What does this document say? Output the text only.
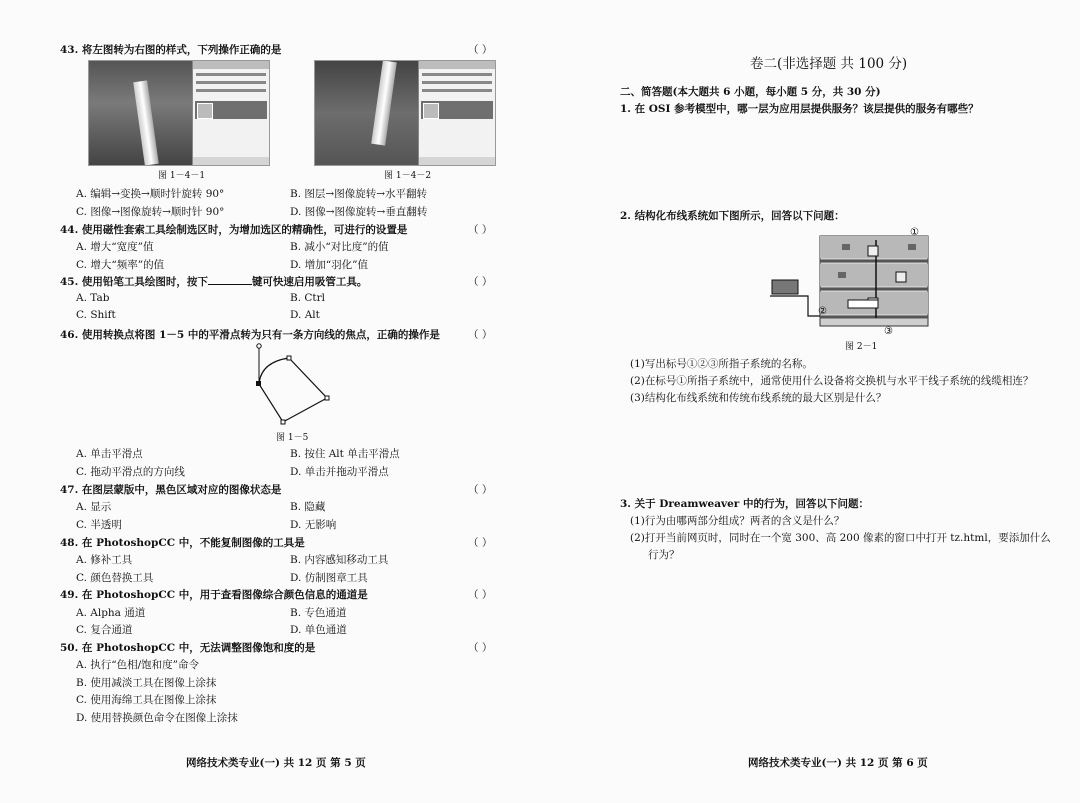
43. 将左图转为右图的样式，下列操作正确的是	（ ）
图 1－4－1	图 1－4－2
A. 编辑→变换→顺时针旋转 90°	B. 图层→图像旋转→水平翻转
C. 图像→图像旋转→顺时针 90°	D. 图像→图像旋转→垂直翻转
44. 使用磁性套索工具绘制选区时，为增加选区的精确性，可进行的设置是	（ ）
A. 增大“宽度”值	B. 减小“对比度”的值
C. 增大“频率”的值	D. 增加“羽化”值
45. 使用铅笔工具绘图时，按下	键可快速启用吸管工具。	（ ）
A. Tab	B. Ctrl
C. Shift	D. Alt
46. 使用转换点将图 1－5 中的平滑点转为只有一条方向线的焦点，正确的操作是	（ ）
图 1－5
A. 单击平滑点	B. 按住 Alt 单击平滑点
C. 拖动平滑点的方向线	D. 单击并拖动平滑点
47. 在图层蒙版中，黑色区域对应的图像状态是	（ ）
A. 显示	B. 隐藏
C. 半透明	D. 无影响
48. 在 PhotoshopCC 中，不能复制图像的工具是	（ ）
A. 修补工具	B. 内容感知移动工具
C. 颜色替换工具	D. 仿制图章工具
49. 在 PhotoshopCC 中，用于查看图像综合颜色信息的通道是	（ ）
A. Alpha 通道	B. 专色通道
C. 复合通道	D. 单色通道
50. 在 PhotoshopCC 中，无法调整图像饱和度的是	（ ）
A. 执行“色相/饱和度”命令
B. 使用减淡工具在图像上涂抹
C. 使用海绵工具在图像上涂抹
D. 使用替换颜色命令在图像上涂抹
网络技术类专业(一) 共 12 页 第 5 页
卷二(非选择题 共 100 分)
二、简答题(本大题共 6 小题，每小题 5 分，共 30 分)
1. 在 OSI 参考模型中，哪一层为应用层提供服务？该层提供的服务有哪些？
2. 结构化布线系统如下图所示，回答以下问题：
①
②
③
图 2－1
(1)写出标号①②③所指子系统的名称。
(2)在标号①所指子系统中，通常使用什么设备将交换机与水平干线子系统的线缆相连？
(3)结构化布线系统和传统布线系统的最大区别是什么？
3. 关于 Dreamweaver 中的行为，回答以下问题：
(1)行为由哪两部分组成？两者的含义是什么？
(2)打开当前网页时，同时在一个宽 300、高 200 像素的窗口中打开 tz.html，要添加什么
行为？
网络技术类专业(一) 共 12 页 第 6 页
